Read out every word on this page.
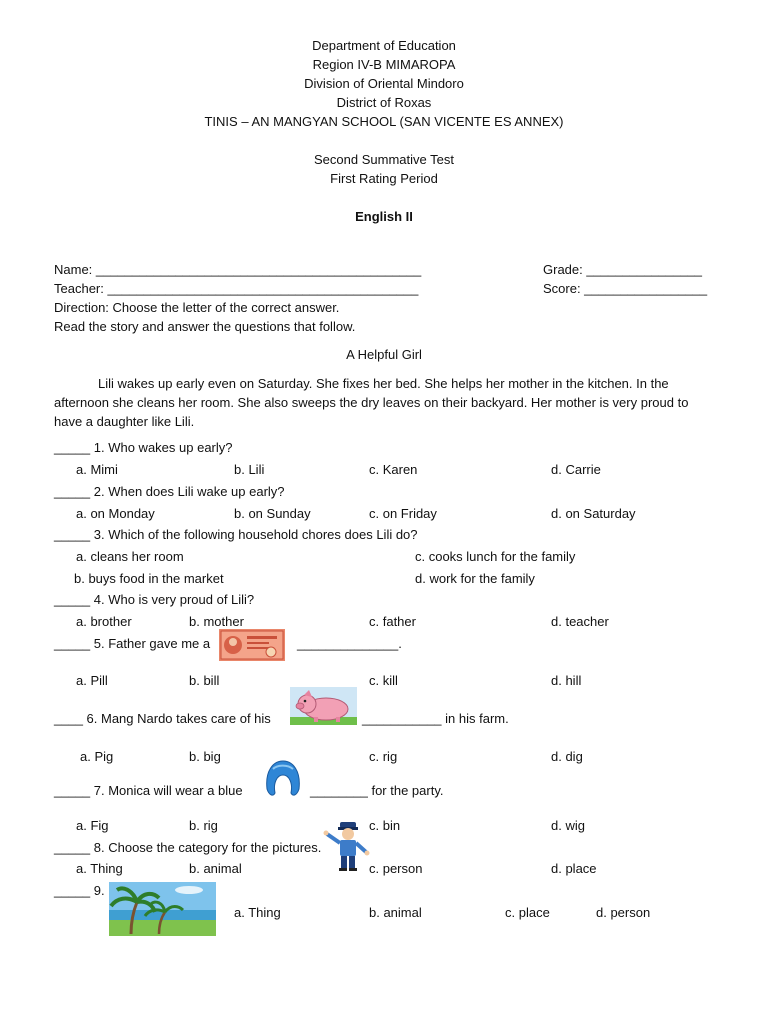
Department of Education
Region IV-B MIMAROPA
Division of Oriental Mindoro
District of Roxas
TINIS – AN MANGYAN SCHOOL (SAN VICENTE ES ANNEX)
Second Summative Test
First Rating Period
English II
Name: _____________________________________________	Grade: ________________
Teacher: ___________________________________________	Score: _________________
Direction: Choose the letter of the correct answer.
Read the story and answer the questions that follow.
A Helpful Girl
Lili wakes up early even on Saturday. She fixes her bed. She helps her mother in the kitchen. In the afternoon she cleans her room. She also sweeps the dry leaves on their backyard. Her mother is very proud to have a daughter like Lili.
_____ 1. Who wakes up early?
a. Mimi	b. Lili	c. Karen	d. Carrie
_____ 2. When does Lili wake up early?
a. on Monday	b. on Sunday	c. on Friday	d. on Saturday
_____ 3. Which of the following household chores does Lili do?
a. cleans her room	c. cooks lunch for the family
b. buys food in the market	d. work for the family
_____ 4. Who is very proud of Lili?
a. brother	b. mother	c. father	d. teacher
_____ 5. Father gave me a	______________.
a. Pill	b. bill	c. kill	d. hill
____ 6. Mang Nardo takes care of his	___________ in his farm.
a. Pig	b. big	c. rig	d. dig
_____ 7. Monica will wear a blue	________ for the party.
a. Fig	b. rig	c. bin	d. wig
_____ 8. Choose the category for the pictures.
a. Thing	b. animal	c. person	d. place
_____ 9.
a. Thing	b. animal	c. place	d. person
